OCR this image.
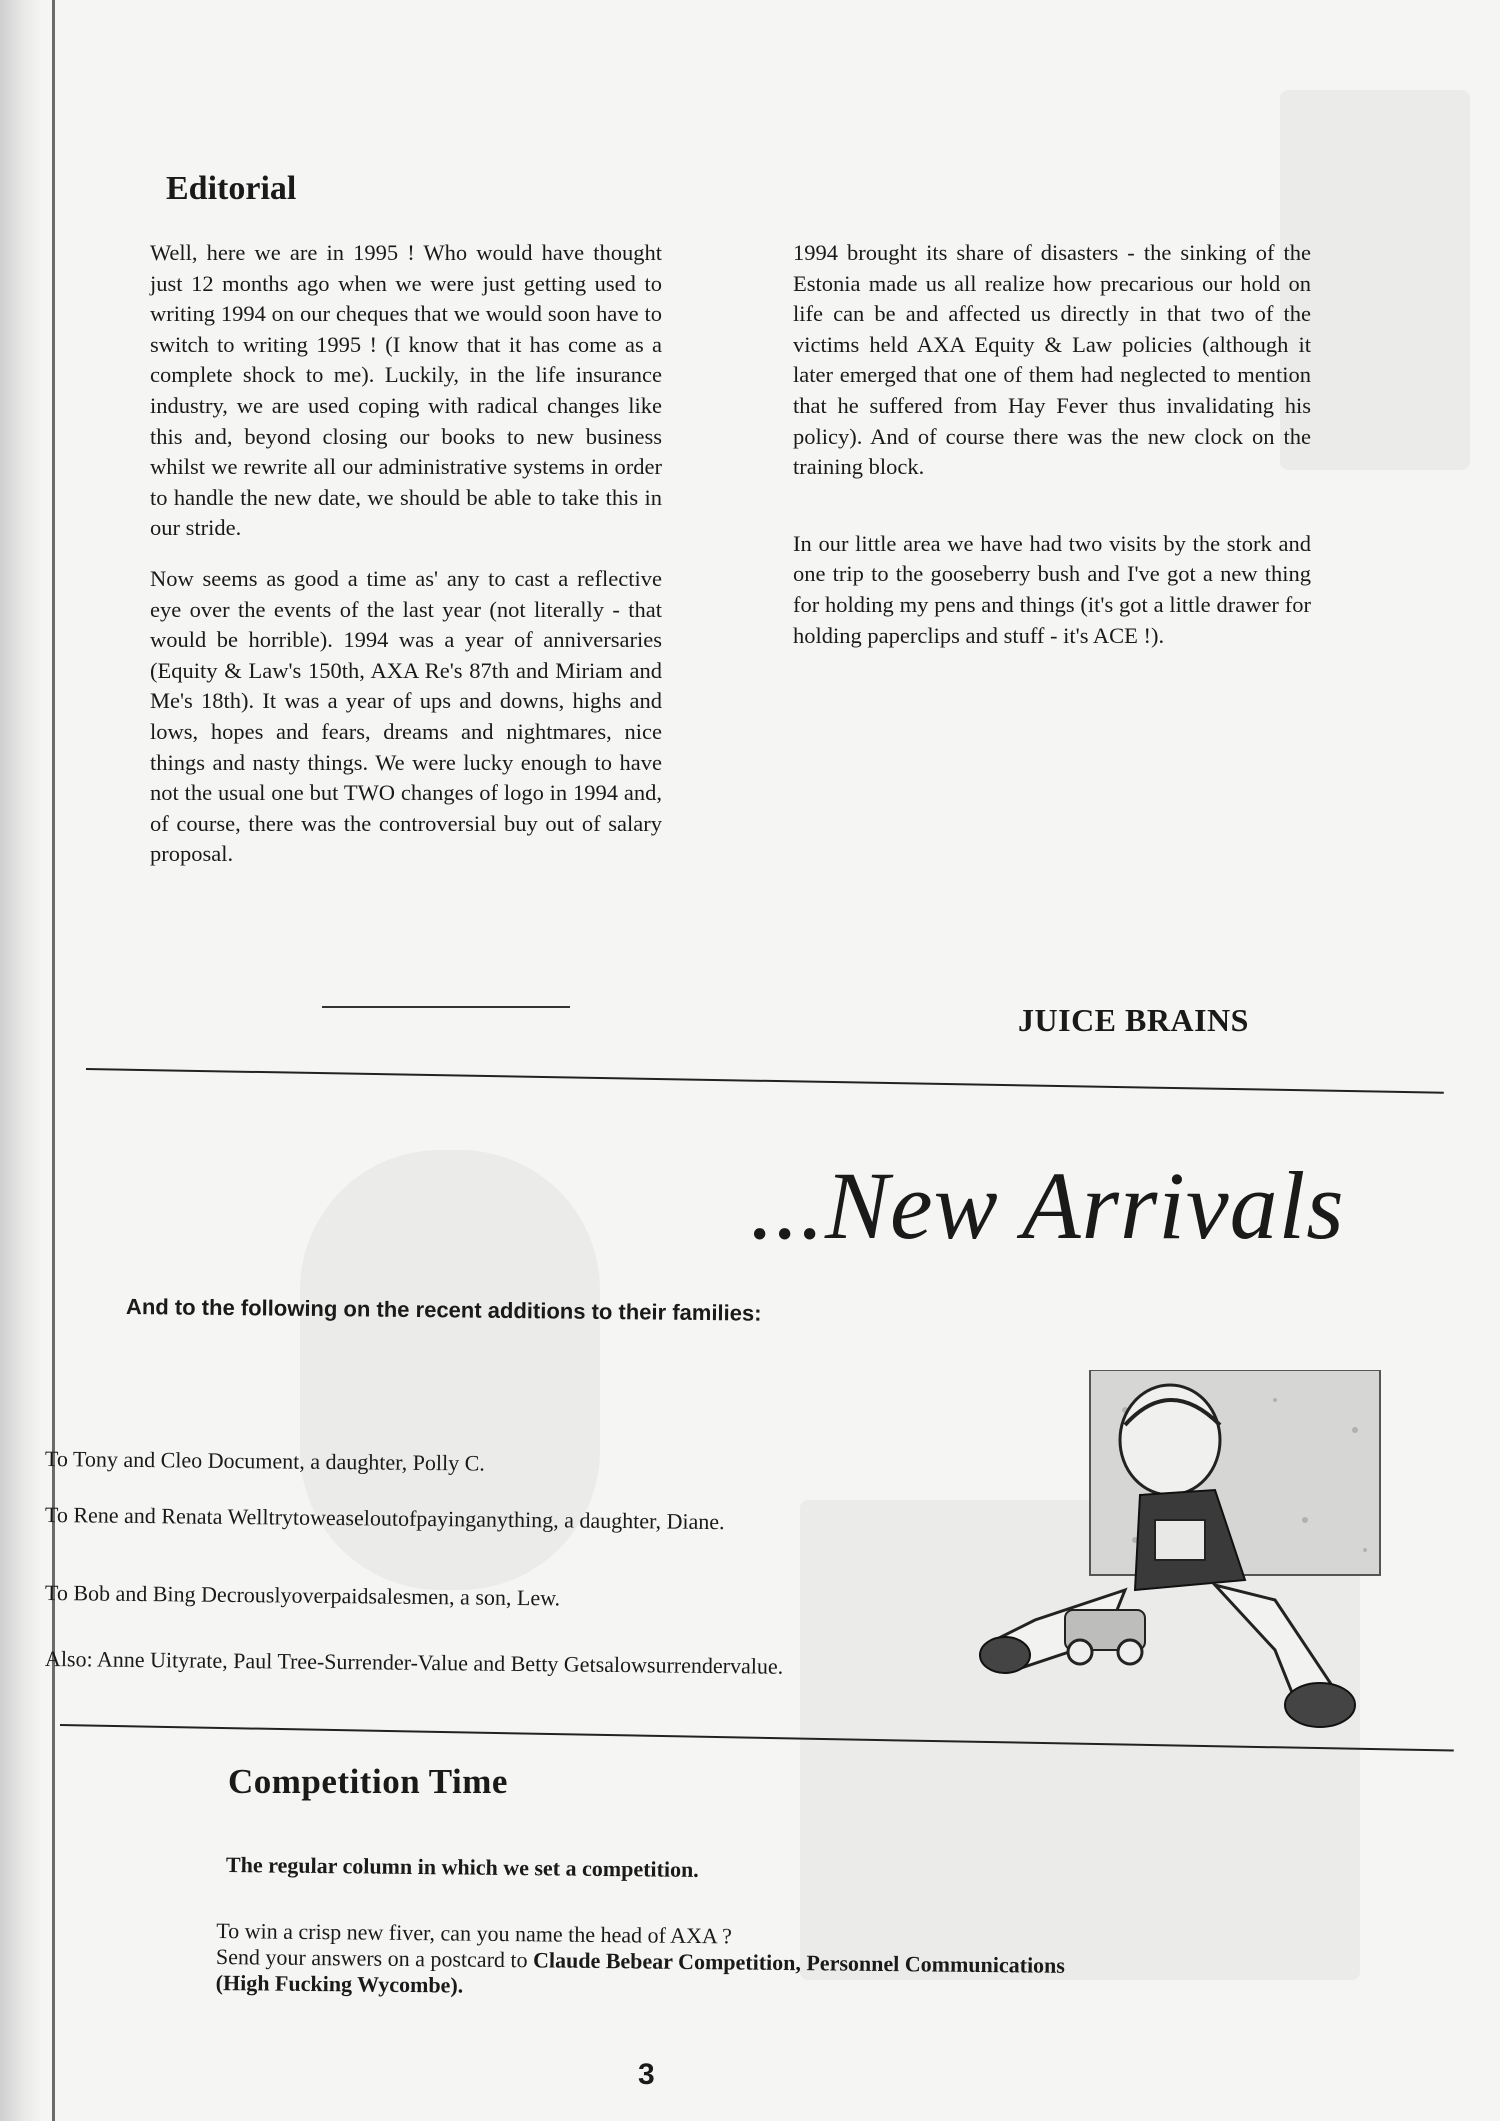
Editorial

Well, here we are in 1995 ! Who would have thought just 12 months ago when we were just getting used to writing 1994 on our cheques that we would soon have to switch to writing 1995 ! (I know that it has come as a complete shock to me). Luckily, in the life insurance industry, we are used coping with radical changes like this and, beyond closing our books to new business whilst we rewrite all our administrative systems in order to handle the new date, we should be able to take this in our stride.

Now seems as good a time as' any to cast a reflective eye over the events of the last year (not literally - that would be horrible). 1994 was a year of anniversaries (Equity & Law's 150th, AXA Re's 87th and Miriam and Me's 18th). It was a year of ups and downs, highs and lows, hopes and fears, dreams and nightmares, nice things and nasty things. We were lucky enough to have not the usual one but TWO changes of logo in 1994 and, of course, there was the controversial buy out of salary proposal.

1994 brought its share of disasters - the sinking of the Estonia made us all realize how precarious our hold on life can be and affected us directly in that two of the victims held AXA Equity & Law policies (although it later emerged that one of them had neglected to mention that he suffered from Hay Fever thus invalidating his policy). And of course there was the new clock on the training block.

In our little area we have had two visits by the stork and one trip to the gooseberry bush and I've got a new thing for holding my pens and things (it's got a little drawer for holding paperclips and stuff - it's ACE !).

JUICE BRAINS
...New Arrivals
And to the following on the recent additions to their families:
To Tony and Cleo Document, a daughter, Polly C.
To Rene and Renata Welltrytoweaseloutofpayinganything, a daughter, Diane.
To Bob and Bing Decrouslyoverpaidsalesmen, a son, Lew.
Also: Anne Uityrate, Paul Tree-Surrender-Value and Betty Getsalowsurrendervalue.
Competition Time
The regular column in which we set a competition.
To win a crisp new fiver, can you name the head of AXA ?
Send your answers on a postcard to Claude Bebear Competition, Personnel Communications
(High Fucking Wycombe).
3
